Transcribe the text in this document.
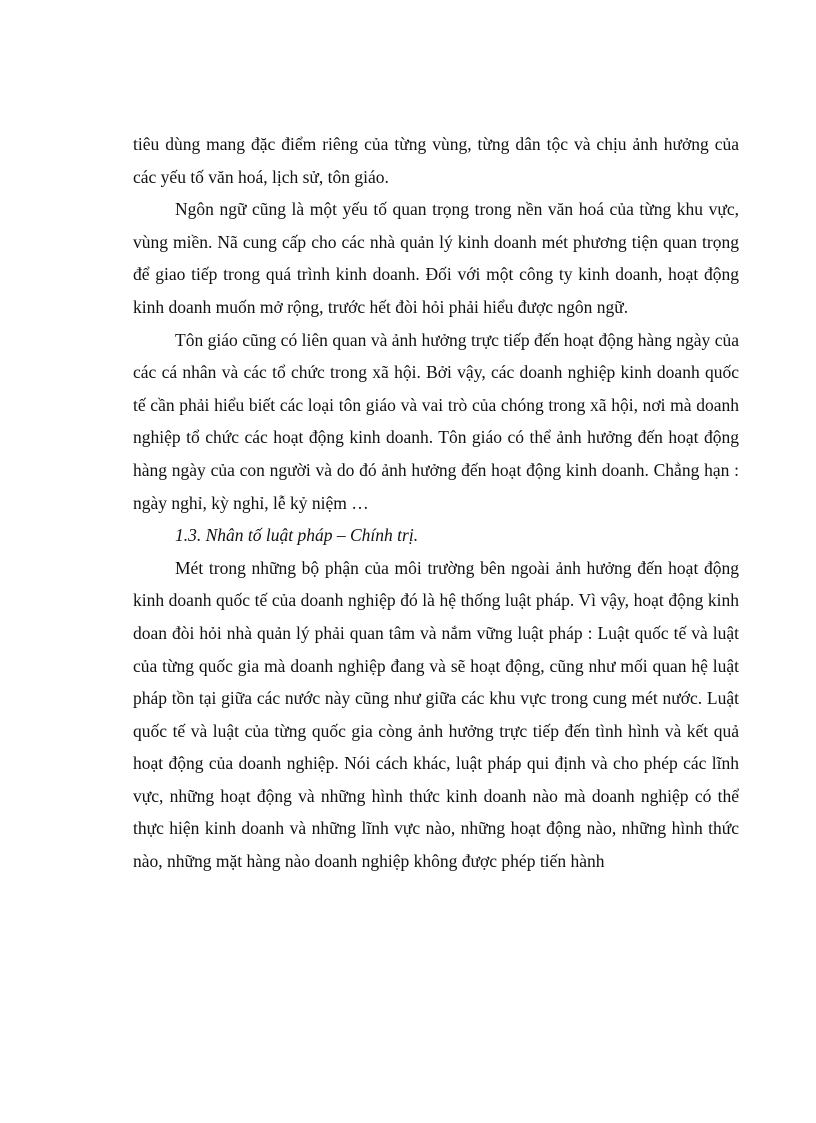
tiêu dùng mang đặc điểm riêng của từng vùng, từng dân tộc và chịu ảnh hưởng của các yếu tố văn hoá, lịch sử, tôn giáo.

Ngôn ngữ cũng là một yếu tố quan trọng trong nền văn hoá của từng khu vực, vùng miền. Nã cung cấp cho các nhà quản lý kinh doanh mét phương tiện quan trọng để giao tiếp trong quá trình kinh doanh. Đối với một công ty kinh doanh, hoạt động kinh doanh muốn mở rộng, trước hết đòi hỏi phải hiểu được ngôn ngữ.

Tôn giáo cũng có liên quan và ảnh hưởng trực tiếp đến hoạt động hàng ngày của các cá nhân và các tổ chức trong xã hội. Bởi vậy, các doanh nghiệp kinh doanh quốc tế cần phải hiểu biết các loại tôn giáo và vai trò của chóng trong xã hội, nơi mà doanh nghiệp tổ chức các hoạt động kinh doanh. Tôn giáo có thể ảnh hưởng đến hoạt động hàng ngày của con người và do đó ảnh hưởng đến hoạt động kinh doanh. Chẳng hạn : ngày nghỉ, kỳ nghỉ, lễ kỷ niệm …

1.3. Nhân tố luật pháp – Chính trị.

Mét trong những bộ phận của môi trường bên ngoài ảnh hưởng đến hoạt động kinh doanh quốc tế của doanh nghiệp đó là hệ thống luật pháp. Vì vậy, hoạt động kinh doan đòi hỏi nhà quản lý phải quan tâm và nắm vững luật pháp : Luật quốc tế và luật của từng quốc gia mà doanh nghiệp đang và sẽ hoạt động, cũng như mối quan hệ luật pháp tồn tại giữa các nước này cũng như giữa các khu vực trong cung mét nước. Luật quốc tế và luật của từng quốc gia còng ảnh hưởng trực tiếp đến tình hình và kết quả hoạt động của doanh nghiệp. Nói cách khác, luật pháp qui định và cho phép các lĩnh vực, những hoạt động và những hình thức kinh doanh nào mà doanh nghiệp có thể thực hiện kinh doanh và những lĩnh vực nào, những hoạt động nào, những hình thức nào, những mặt hàng nào doanh nghiệp không được phép tiến hành
